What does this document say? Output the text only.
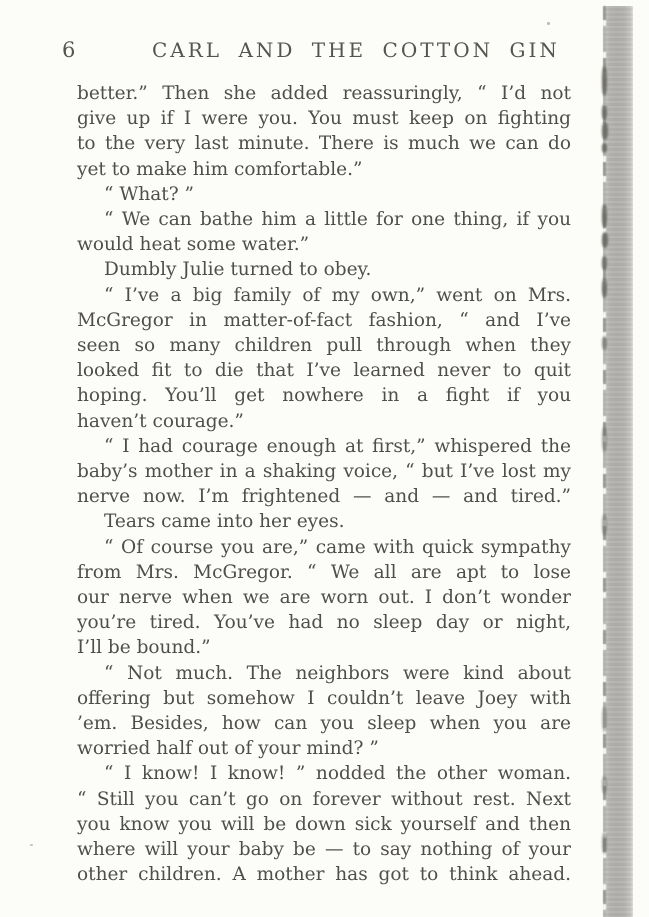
6	CARL AND THE COTTON GIN
better.” Then she added reassuringly, “ I’d not
give up if I were you. You must keep on fighting
to the very last minute. There is much we can do
yet to make him comfortable.”
“ What? ”
“ We can bathe him a little for one thing, if you
would heat some water.”
Dumbly Julie turned to obey.
“ I’ve a big family of my own,” went on Mrs.
McGregor in matter-of-fact fashion, “ and I’ve
seen so many children pull through when they
looked fit to die that I’ve learned never to quit
hoping. You’ll get nowhere in a fight if you
haven’t courage.”
“ I had courage enough at first,” whispered the
baby’s mother in a shaking voice, “ but I’ve lost my
nerve now. I’m frightened — and — and tired.”
Tears came into her eyes.
“ Of course you are,” came with quick sympathy
from Mrs. McGregor. “ We all are apt to lose
our nerve when we are worn out. I don’t wonder
you’re tired. You’ve had no sleep day or night,
I’ll be bound.”
“ Not much. The neighbors were kind about
offering but somehow I couldn’t leave Joey with
’em. Besides, how can you sleep when you are
worried half out of your mind? ”
“ I know! I know! ” nodded the other woman.
“ Still you can’t go on forever without rest. Next
you know you will be down sick yourself and then
where will your baby be — to say nothing of your
other children. A mother has got to think ahead.
